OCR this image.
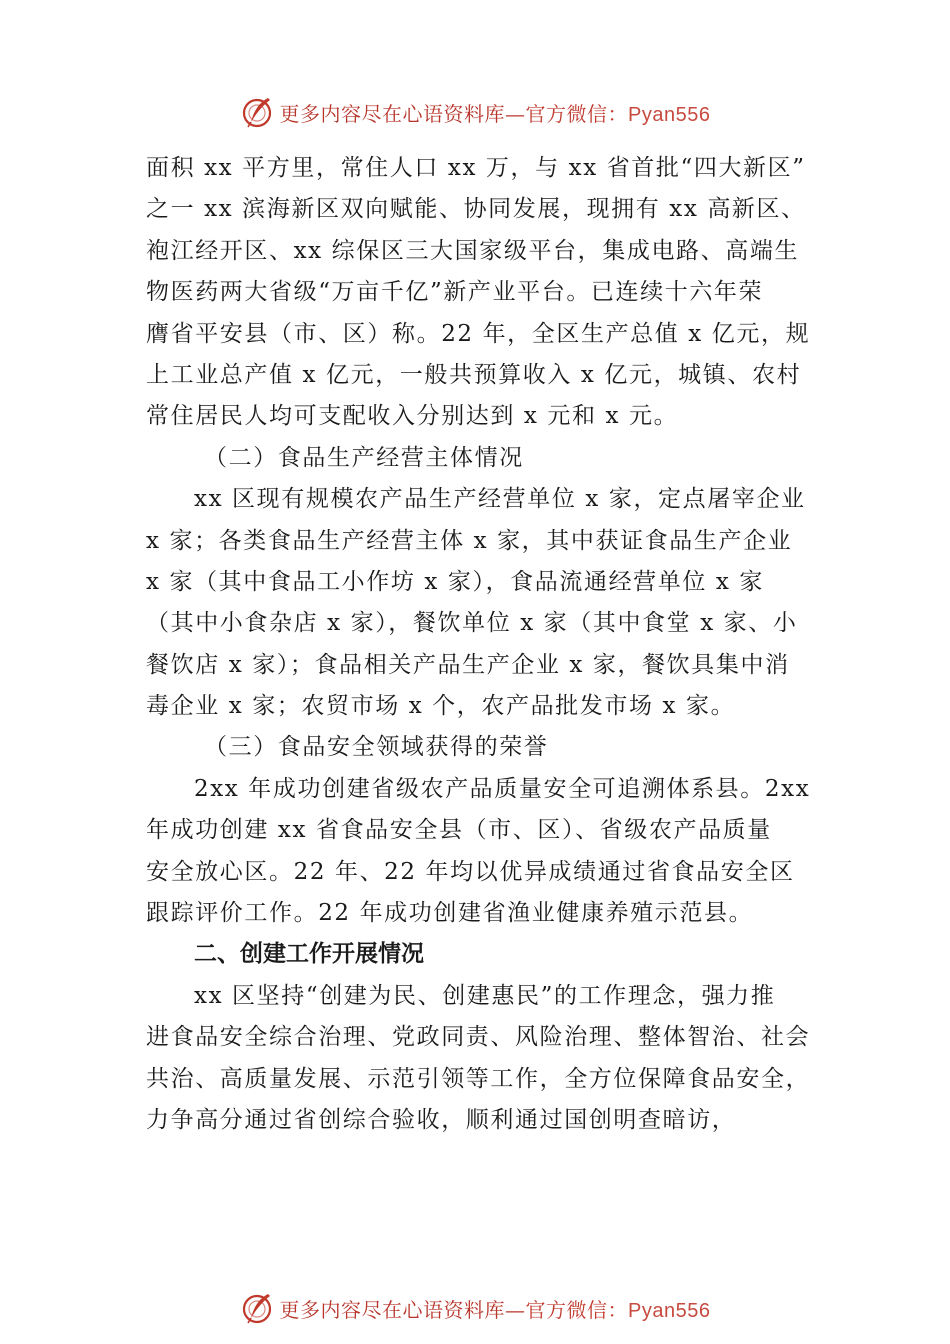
更多内容尽在心语资料库—官方微信：Pyan556
面积 xx 平方里，常住人口 xx 万，与 xx 省首批“四大新区”
之一 xx 滨海新区双向赋能、协同发展，现拥有 xx 高新区、
袍江经开区、xx 综保区三大国家级平台，集成电路、高端生
物医药两大省级“万亩千亿”新产业平台。已连续十六年荣
膺省平安县（市、区）称。22 年，全区生产总值 x 亿元，规
上工业总产值 x 亿元，一般共预算收入 x 亿元，城镇、农村
常住居民人均可支配收入分别达到 x 元和 x 元。
（二）食品生产经营主体情况
xx 区现有规模农产品生产经营单位 x 家，定点屠宰企业
x 家；各类食品生产经营主体 x 家，其中获证食品生产企业
x 家（其中食品工小作坊 x 家），食品流通经营单位 x 家
（其中小食杂店 x 家），餐饮单位 x 家（其中食堂 x 家、小
餐饮店 x 家）；食品相关产品生产企业 x 家，餐饮具集中消
毒企业 x 家；农贸市场 x 个，农产品批发市场 x 家。
（三）食品安全领域获得的荣誉
2xx 年成功创建省级农产品质量安全可追溯体系县。2xx
年成功创建 xx 省食品安全县（市、区）、省级农产品质量
安全放心区。22 年、22 年均以优异成绩通过省食品安全区
跟踪评价工作。22 年成功创建省渔业健康养殖示范县。
二、创建工作开展情况
xx 区坚持“创建为民、创建惠民”的工作理念，强力推
进食品安全综合治理、党政同责、风险治理、整体智治、社会
共治、高质量发展、示范引领等工作，全方位保障食品安全，
力争高分通过省创综合验收，顺利通过国创明查暗访，
更多内容尽在心语资料库—官方微信：Pyan556
